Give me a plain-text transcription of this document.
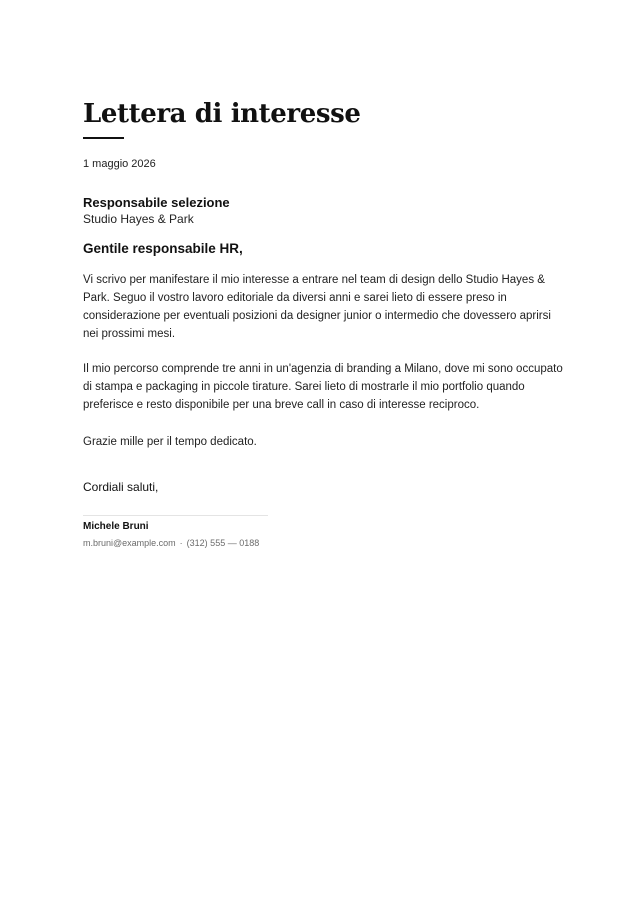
Lettera di interesse
1 maggio 2026
Responsabile selezione
Studio Hayes & Park
Gentile responsabile HR,

Vi scrivo per manifestare il mio interesse a entrare nel team di design dello Studio Hayes & Park. Seguo il vostro lavoro editoriale da diversi anni e sarei lieto di essere preso in considerazione per eventuali posizioni da designer junior o intermedio che dovessero aprirsi nei prossimi mesi.

Il mio percorso comprende tre anni in un'agenzia di branding a Milano, dove mi sono occupato di stampa e packaging in piccole tirature. Sarei lieto di mostrarle il mio portfolio quando preferisce e resto disponibile per una breve call in caso di interesse reciproco.

Grazie mille per il tempo dedicato.

Cordiali saluti,
Michele Bruni
m.bruni@example.com · (312) 555 — 0188
